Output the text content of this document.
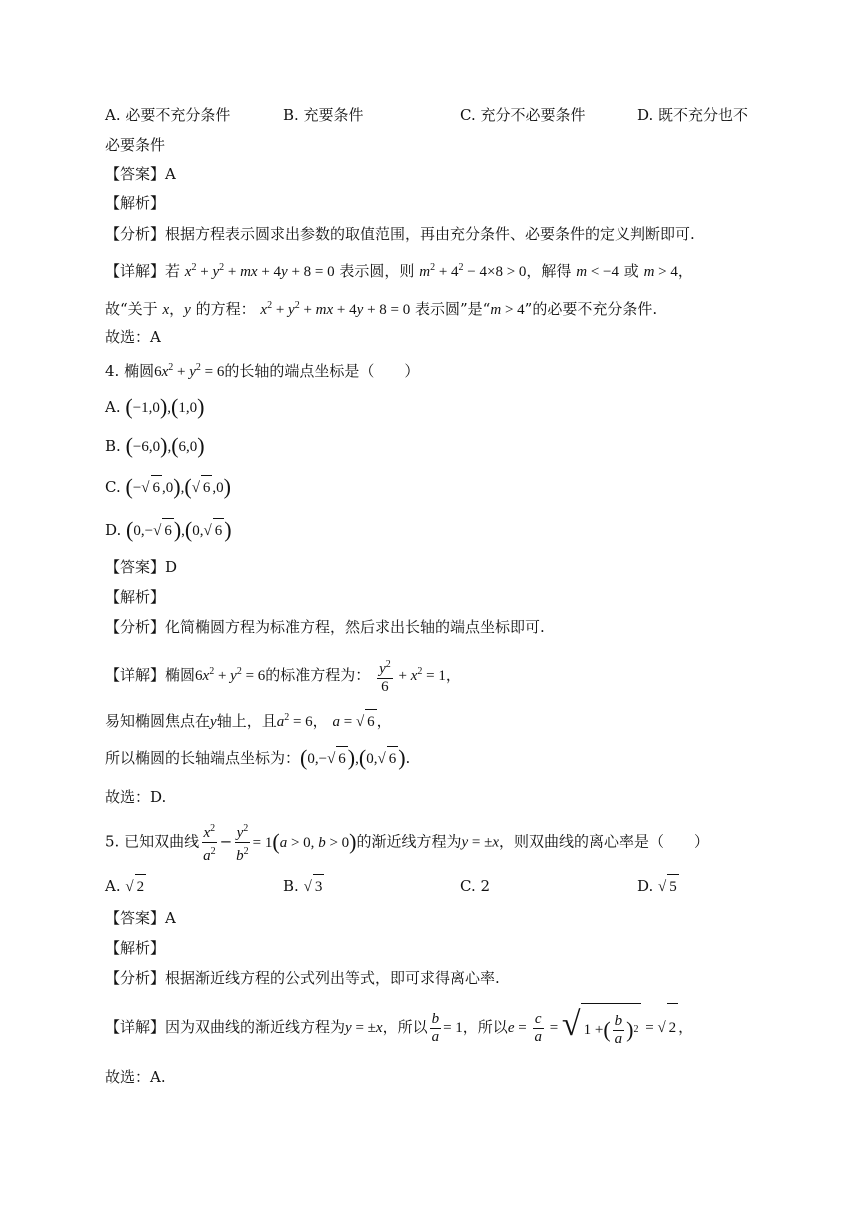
A. 必要不充分条件	B. 充要条件	C. 充分不必要条件	D. 既不充分也不
必要条件
【答案】A
【解析】
【分析】根据方程表示圆求出参数的取值范围，再由充分条件、必要条件的定义判断即可.
【详解】若 $x^2 + y^2$ + mx + 4y + 8 = 0 表示圆，则 $m^2 + 4^2 - 4\times 8 > 0$，解得 m < −4 或 m > 4，
故“关于 x，y 的方程： $x^2 + y^2$ + mx + 4y + 8 = 0 表示圆”是“m > 4”的必要不充分条件.
故选：A
4. 椭圆$6x^2 + y^2 = 6$的长轴的端点坐标是（　　）
A. (−1,0),(1,0)
B. (−6,0),(6,0)
C. (−√ 6 ,0),(√ 6 ,0)
D. (0,−√ 6),(0,√ 6)
【答案】D
【解析】
【分析】化简椭圆方程为标准方程，然后求出长轴的端点坐标即可.
【详解】椭圆$6x^2 + y^2 = 6$的标准方程为： $\frac{y^2}{6} + x^2 = 1$，
易知椭圆焦点在y轴上，且$a^2 = 6$， a = √ 6 ，
所以椭圆的长轴端点坐标为：(0,−√ 6),(0,√ 6).
故选：D.
5. 已知双曲线 $\frac{x^2}{a^2} - \frac{y^2}{b^2} = 1(a > 0$, b > 0)的渐近线方程为y = ±x，则双曲线的离心率是（　　）
A. √ 2	B. √ 3	C. 2	D. √ 5
【答案】A
【解析】
【分析】根据渐近线方程的公式列出等式，即可求得离心率.
【详解】因为双曲线的渐近线方程为y = ±x，所以 $\frac{b}{a} = 1$，所以$e = \frac{c}{a}$ = √ 1 + ( $\frac{b}{a}$ ) 2 = √ 2 ，
故选：A.
